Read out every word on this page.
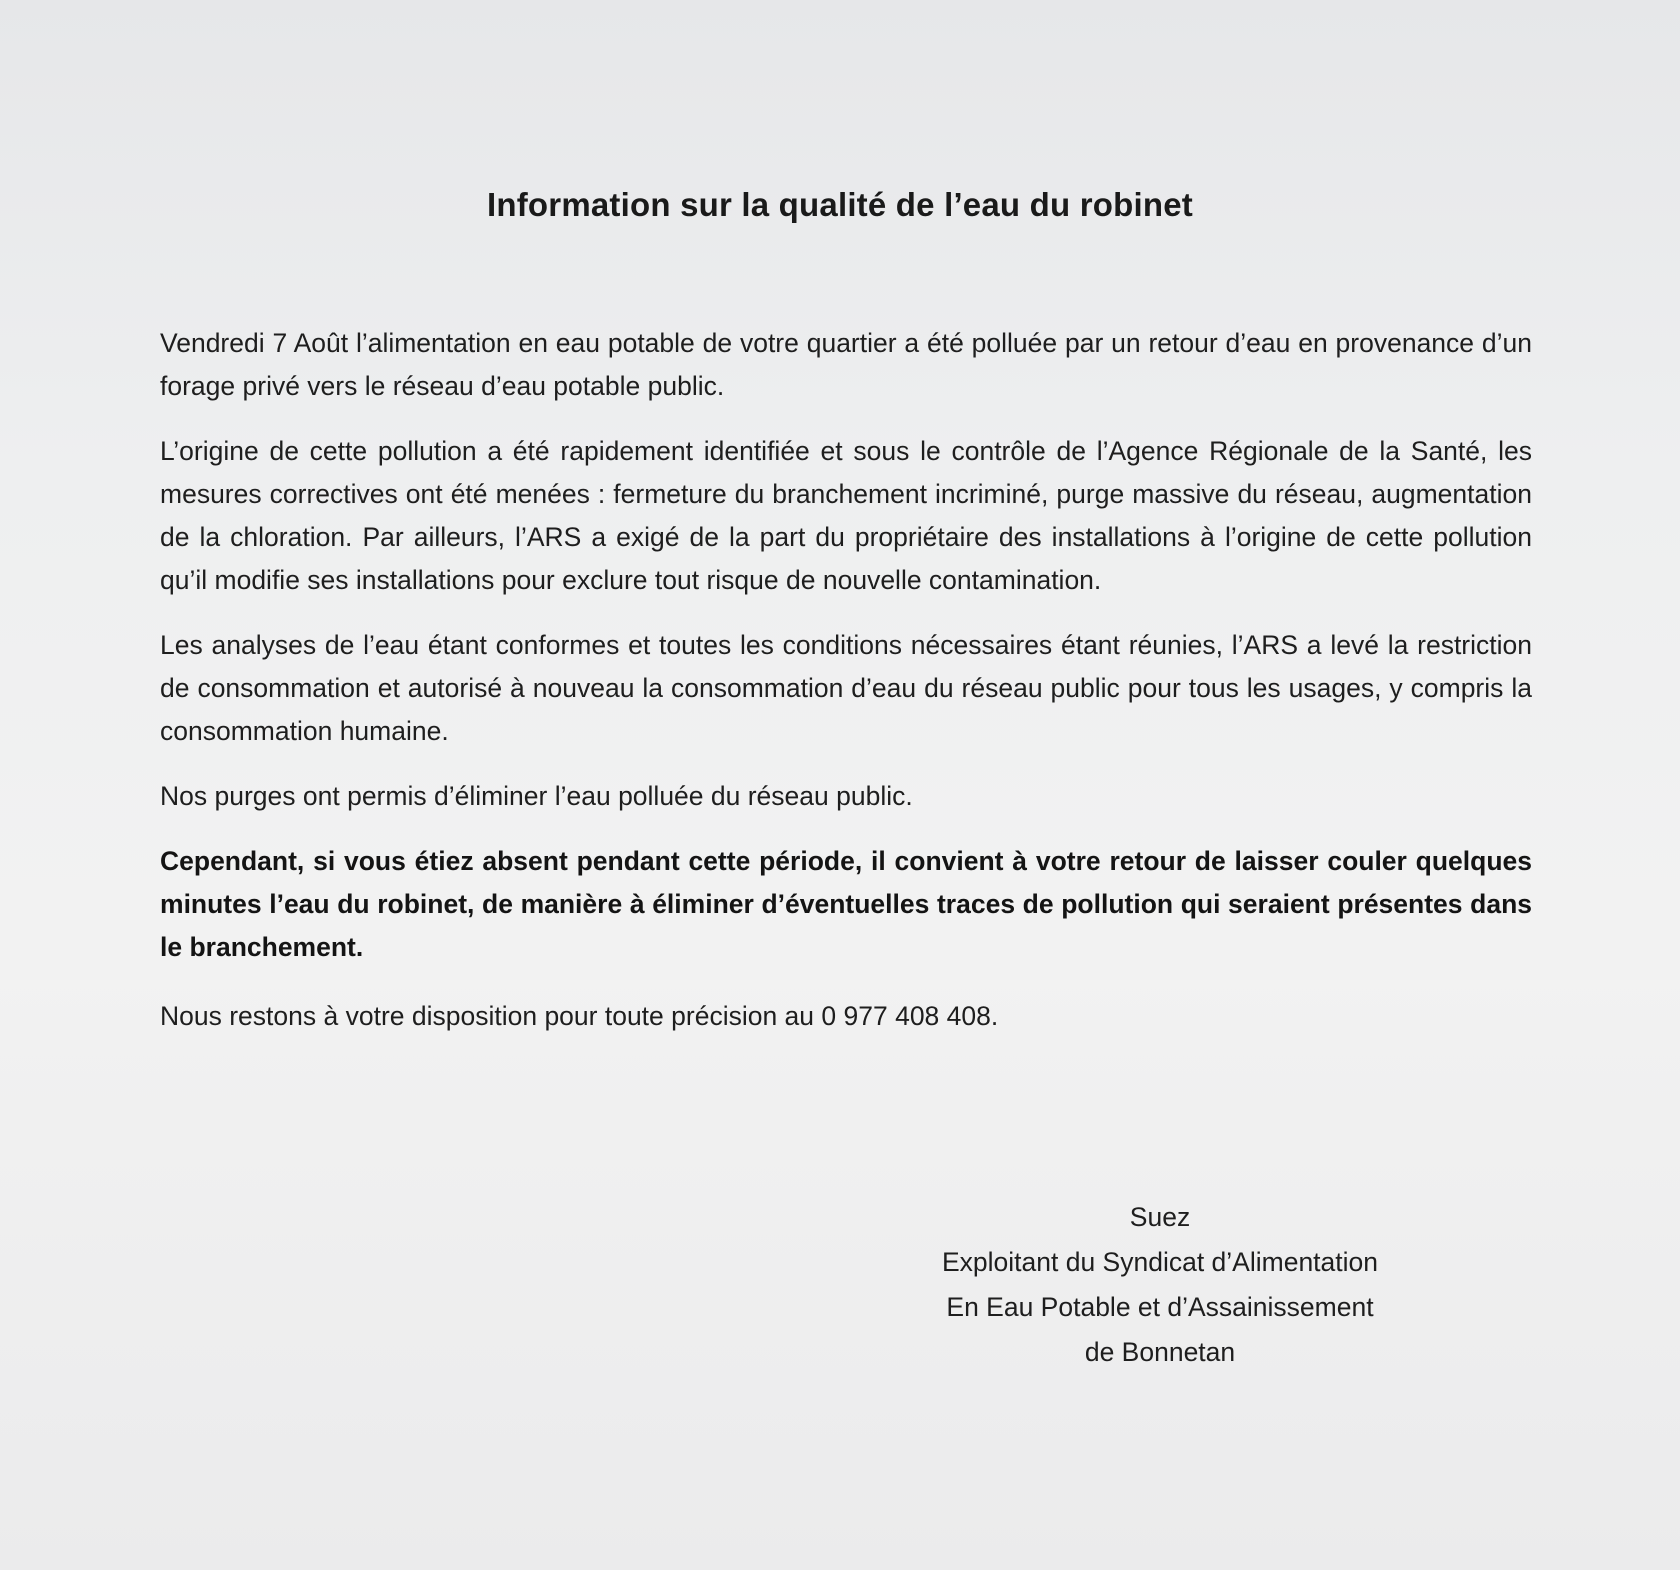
Information sur la qualité de l’eau du robinet

Vendredi 7 Août l’alimentation en eau potable de votre quartier a été polluée par un retour d’eau en provenance d’un forage privé vers le réseau d’eau potable public.

L’origine de cette pollution a été rapidement identifiée et sous le contrôle de l’Agence Régionale de la Santé, les mesures correctives ont été menées : fermeture du branchement incriminé, purge massive du réseau, augmentation de la chloration. Par ailleurs, l’ARS a exigé de la part du propriétaire des installations à l’origine de cette pollution qu’il modifie ses installations pour exclure tout risque de nouvelle contamination.

Les analyses de l’eau étant conformes et toutes les conditions nécessaires étant réunies, l’ARS a levé la restriction de consommation et autorisé à nouveau la consommation d’eau du réseau public pour tous les usages, y compris la consommation humaine.

Nos purges ont permis d’éliminer l’eau polluée du réseau public.

Cependant, si vous étiez absent pendant cette période, il convient à votre retour de laisser couler quelques minutes l’eau du robinet, de manière à éliminer d’éventuelles traces de pollution qui seraient présentes dans le branchement.

Nous restons à votre disposition pour toute précision au 0 977 408 408.

Suez
Exploitant du Syndicat d’Alimentation
En Eau Potable et d’Assainissement
de Bonnetan
